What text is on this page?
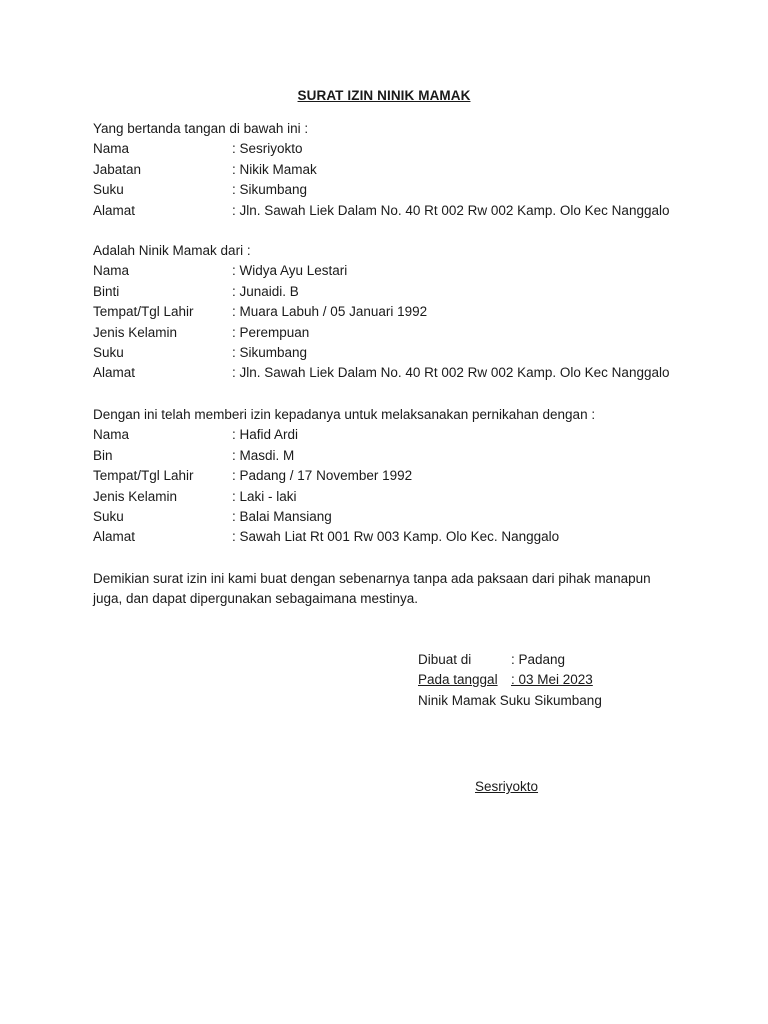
SURAT IZIN NINIK MAMAK
Yang bertanda tangan di bawah ini :
Nama	: Sesriyokto
Jabatan	: Nikik Mamak
Suku	: Sikumbang
Alamat	: Jln. Sawah Liek Dalam No. 40 Rt 002 Rw 002 Kamp. Olo Kec Nanggalo
Adalah Ninik Mamak dari :
Nama	: Widya Ayu Lestari
Binti	: Junaidi. B
Tempat/Tgl Lahir	: Muara Labuh / 05 Januari 1992
Jenis Kelamin	: Perempuan
Suku	: Sikumbang
Alamat	: Jln. Sawah Liek Dalam No. 40 Rt 002 Rw 002 Kamp. Olo Kec Nanggalo
Dengan ini telah memberi izin kepadanya untuk melaksanakan pernikahan dengan :
Nama	: Hafid Ardi
Bin	: Masdi. M
Tempat/Tgl Lahir	: Padang / 17 November 1992
Jenis Kelamin	: Laki - laki
Suku	: Balai Mansiang
Alamat	: Sawah Liat Rt 001 Rw 003 Kamp. Olo Kec. Nanggalo
Demikian surat izin ini kami buat dengan sebenarnya tanpa ada paksaan dari pihak manapun
juga, dan dapat dipergunakan sebagaimana mestinya.
Dibuat di	: Padang
Pada tanggal : 03 Mei 2023
Ninik Mamak Suku Sikumbang
Sesriyokto
